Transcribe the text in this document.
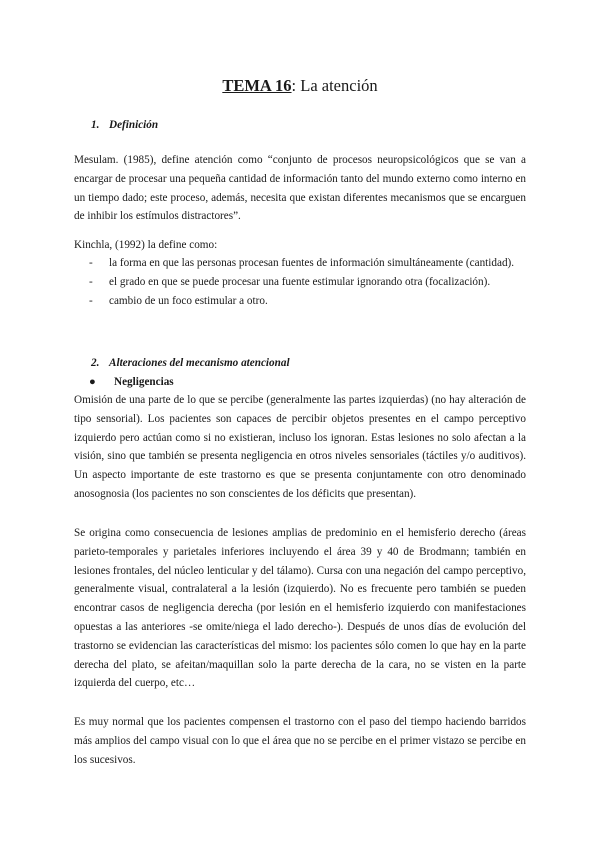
TEMA 16: La atención
1. Definición
Mesulam. (1985), define atención como “conjunto de procesos neuropsicológicos que se van a encargar de procesar una pequeña cantidad de información tanto del mundo externo como interno en un tiempo dado; este proceso, además, necesita que existan diferentes mecanismos que se encarguen de inhibir los estímulos distractores”.
Kinchla, (1992) la define como:
- la forma en que las personas procesan fuentes de información simultáneamente (cantidad).
- el grado en que se puede procesar una fuente estimular ignorando otra (focalización).
- cambio de un foco estimular a otro.
2. Alteraciones del mecanismo atencional
● Negligencias
Omisión de una parte de lo que se percibe (generalmente las partes izquierdas) (no hay alteración de tipo sensorial). Los pacientes son capaces de percibir objetos presentes en el campo perceptivo izquierdo pero actúan como si no existieran, incluso los ignoran. Estas lesiones no solo afectan a la visión, sino que también se presenta negligencia en otros niveles sensoriales (táctiles y/o auditivos). Un aspecto importante de este trastorno es que se presenta conjuntamente con otro denominado anosognosia (los pacientes no son conscientes de los déficits que presentan).
Se origina como consecuencia de lesiones amplias de predominio en el hemisferio derecho (áreas parieto-temporales y parietales inferiores incluyendo el área 39 y 40 de Brodmann; también en lesiones frontales, del núcleo lenticular y del tálamo). Cursa con una negación del campo perceptivo, generalmente visual, contralateral a la lesión (izquierdo). No es frecuente pero también se pueden encontrar casos de negligencia derecha (por lesión en el hemisferio izquierdo con manifestaciones opuestas a las anteriores -se omite/niega el lado derecho-). Después de unos días de evolución del trastorno se evidencian las características del mismo: los pacientes sólo comen lo que hay en la parte derecha del plato, se afeitan/maquillan solo la parte derecha de la cara, no se visten en la parte izquierda del cuerpo, etc…
Es muy normal que los pacientes compensen el trastorno con el paso del tiempo haciendo barridos más amplios del campo visual con lo que el área que no se percibe en el primer vistazo se percibe en los sucesivos.
